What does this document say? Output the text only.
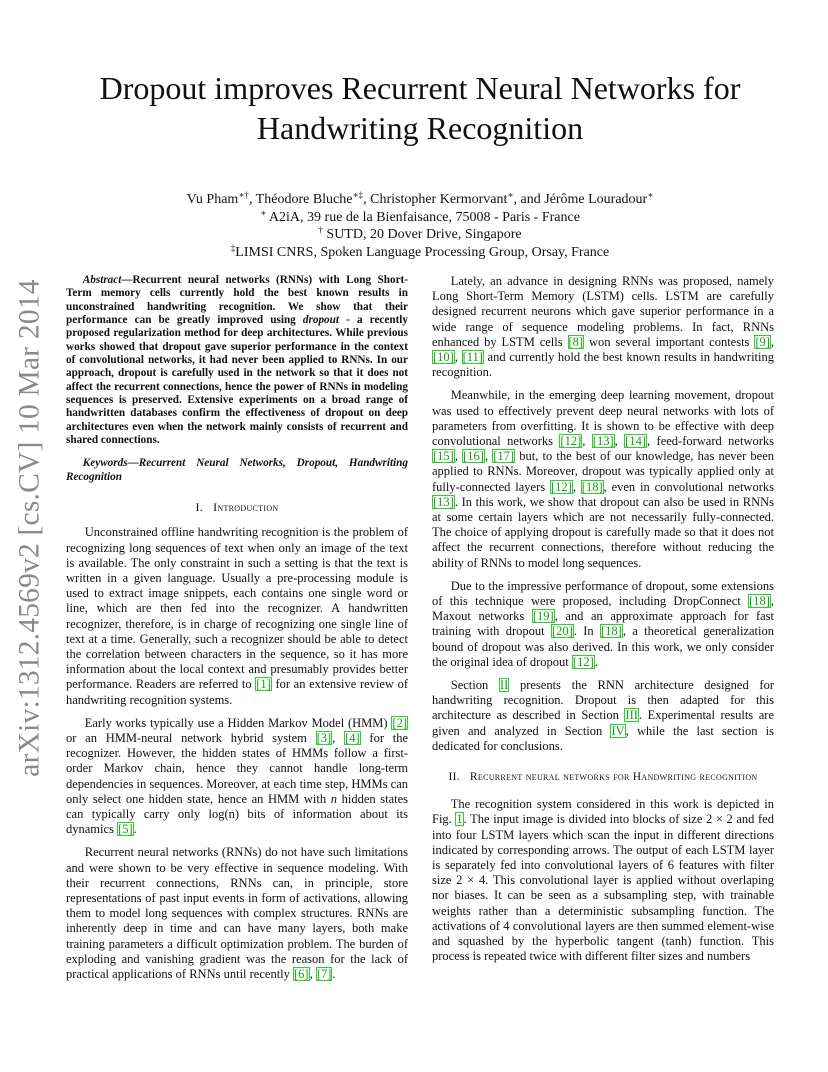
arXiv:1312.4569v2 [cs.CV] 10 Mar 2014
Dropout improves Recurrent Neural Networks for
Handwriting Recognition
Vu Pham∗†, Théodore Bluche∗‡, Christopher Kermorvant∗, and Jérôme Louradour∗
∗ A2iA, 39 rue de la Bienfaisance, 75008 - Paris - France
† SUTD, 20 Dover Drive, Singapore
‡LIMSI CNRS, Spoken Language Processing Group, Orsay, France

Abstract—Recurrent neural networks (RNNs) with Long Short-Term memory cells currently hold the best known results in unconstrained handwriting recognition. We show that their performance can be greatly improved using dropout - a recently proposed regularization method for deep architectures. While previous works showed that dropout gave superior performance in the context of convolutional networks, it had never been applied to RNNs. In our approach, dropout is carefully used in the network so that it does not affect the recurrent connections, hence the power of RNNs in modeling sequences is preserved. Extensive experiments on a broad range of handwritten databases confirm the effectiveness of dropout on deep architectures even when the network mainly consists of recurrent and shared connections.

Keywords—Recurrent Neural Networks, Dropout, Handwriting Recognition

I. Introduction

Unconstrained offline handwriting recognition is the problem of recognizing long sequences of text when only an image of the text is available. The only constraint in such a setting is that the text is written in a given language. Usually a pre-processing module is used to extract image snippets, each contains one single word or line, which are then fed into the recognizer. A handwritten recognizer, therefore, is in charge of recognizing one single line of text at a time. Generally, such a recognizer should be able to detect the correlation between characters in the sequence, so it has more information about the local context and presumably provides better performance. Readers are referred to [1] for an extensive review of handwriting recognition systems.

Early works typically use a Hidden Markov Model (HMM) [2] or an HMM-neural network hybrid system [3], [4] for the recognizer. However, the hidden states of HMMs follow a first-order Markov chain, hence they cannot handle long-term dependencies in sequences. Moreover, at each time step, HMMs can only select one hidden state, hence an HMM with n hidden states can typically carry only log(n) bits of information about its dynamics [5].

Recurrent neural networks (RNNs) do not have such limitations and were shown to be very effective in sequence modeling. With their recurrent connections, RNNs can, in principle, store representations of past input events in form of activations, allowing them to model long sequences with complex structures. RNNs are inherently deep in time and can have many layers, both make training parameters a difficult optimization problem. The burden of exploding and vanishing gradient was the reason for the lack of practical applications of RNNs until recently [6], [7].

Lately, an advance in designing RNNs was proposed, namely Long Short-Term Memory (LSTM) cells. LSTM are carefully designed recurrent neurons which gave superior performance in a wide range of sequence modeling problems. In fact, RNNs enhanced by LSTM cells [8] won several important contests [9], [10], [11] and currently hold the best known results in handwriting recognition.

Meanwhile, in the emerging deep learning movement, dropout was used to effectively prevent deep neural networks with lots of parameters from overfitting. It is shown to be effective with deep convolutional networks [12], [13], [14], feed-forward networks [15], [16], [17] but, to the best of our knowledge, has never been applied to RNNs. Moreover, dropout was typically applied only at fully-connected layers [12], [18], even in convolutional networks [13]. In this work, we show that dropout can also be used in RNNs at some certain layers which are not necessarily fully-connected. The choice of applying dropout is carefully made so that it does not affect the recurrent connections, therefore without reducing the ability of RNNs to model long sequences.

Due to the impressive performance of dropout, some extensions of this technique were proposed, including DropConnect [18], Maxout networks [19], and an approximate approach for fast training with dropout [20]. In [18], a theoretical generalization bound of dropout was also derived. In this work, we only consider the original idea of dropout [12].

Section II presents the RNN architecture designed for handwriting recognition. Dropout is then adapted for this architecture as described in Section III. Experimental results are given and analyzed in Section IV, while the last section is dedicated for conclusions.

II. Recurrent neural networks for Handwriting recognition

The recognition system considered in this work is depicted in Fig. 1. The input image is divided into blocks of size 2 × 2 and fed into four LSTM layers which scan the input in different directions indicated by corresponding arrows. The output of each LSTM layer is separately fed into convolutional layers of 6 features with filter size 2 × 4. This convolutional layer is applied without overlaping nor biases. It can be seen as a subsampling step, with trainable weights rather than a deterministic subsampling function. The activations of 4 convolutional layers are then summed element-wise and squashed by the hyperbolic tangent (tanh) function. This process is repeated twice with different filter sizes and numbers
